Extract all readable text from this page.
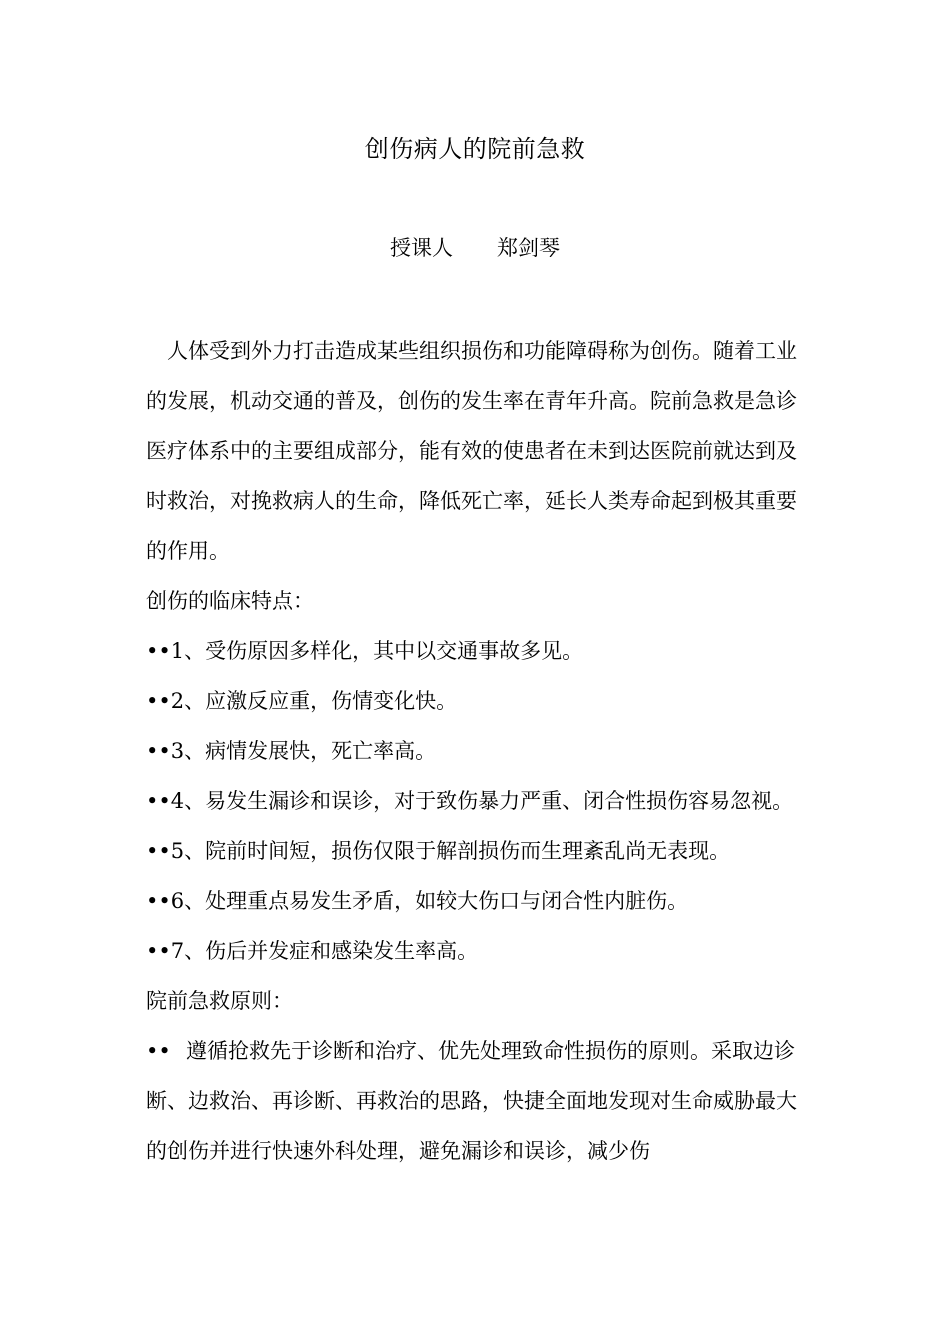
创伤病人的院前急救
授课人 郑剑琴

人体受到外力打击造成某些组织损伤和功能障碍称为创伤。随着工业的发展，机动交通的普及，创伤的发生率在青年升高。院前急救是急诊医疗体系中的主要组成部分，能有效的使患者在未到达医院前就达到及时救治，对挽救病人的生命，降低死亡率，延长人类寿命起到极其重要的作用。

创伤的临床特点：

••1、受伤原因多样化，其中以交通事故多见。

••2、应激反应重，伤情变化快。

••3、病情发展快，死亡率高。

••4、易发生漏诊和误诊，对于致伤暴力严重、闭合性损伤容易忽视。

••5、院前时间短，损伤仅限于解剖损伤而生理紊乱尚无表现。

••6、处理重点易发生矛盾，如较大伤口与闭合性内脏伤。

••7、伤后并发症和感染发生率高。

院前急救原则：

•• 遵循抢救先于诊断和治疗、优先处理致命性损伤的原则。采取边诊断、边救治、再诊断、再救治的思路，快捷全面地发现对生命威胁最大的创伤并进行快速外科处理，避免漏诊和误诊，减少伤
